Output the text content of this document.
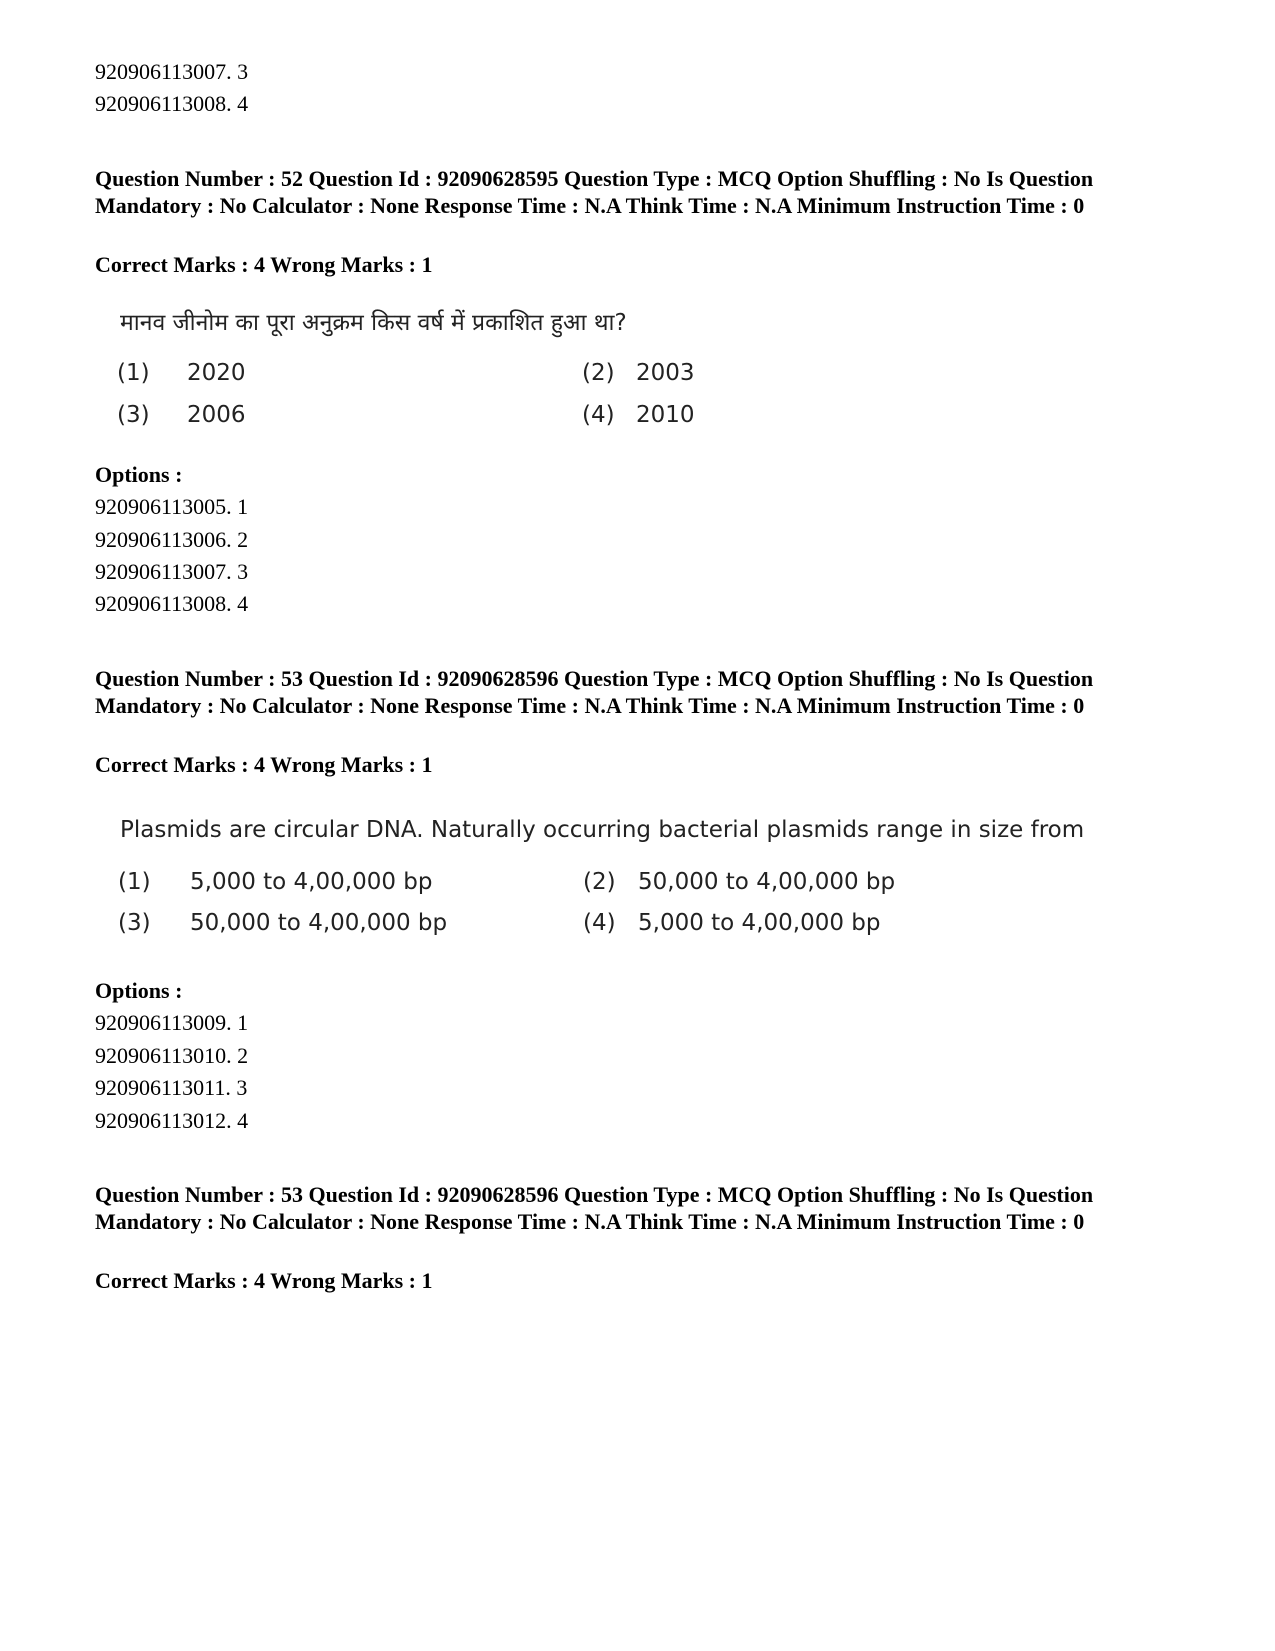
920906113007. 3
920906113008. 4
Question Number : 52 Question Id : 92090628595 Question Type : MCQ Option Shuffling : No Is Question Mandatory : No Calculator : None Response Time : N.A Think Time : N.A Minimum Instruction Time : 0
Correct Marks : 4 Wrong Marks : 1
मानव जीनोम का पूरा अनुक्रम किस वर्ष में प्रकाशित हुआ था?
(1) 2020	(2) 2003
(3) 2006	(4) 2010
Options :
920906113005. 1
920906113006. 2
920906113007. 3
920906113008. 4
Question Number : 53 Question Id : 92090628596 Question Type : MCQ Option Shuffling : No Is Question Mandatory : No Calculator : None Response Time : N.A Think Time : N.A Minimum Instruction Time : 0
Correct Marks : 4 Wrong Marks : 1
Plasmids are circular DNA. Naturally occurring bacterial plasmids range in size from
(1) 5,000 to 4,00,000 bp	(2) 50,000 to 4,00,000 bp
(3) 50,000 to 4,00,000 bp	(4) 5,000 to 4,00,000 bp
Options :
920906113009. 1
920906113010. 2
920906113011. 3
920906113012. 4
Question Number : 53 Question Id : 92090628596 Question Type : MCQ Option Shuffling : No Is Question Mandatory : No Calculator : None Response Time : N.A Think Time : N.A Minimum Instruction Time : 0
Correct Marks : 4 Wrong Marks : 1
